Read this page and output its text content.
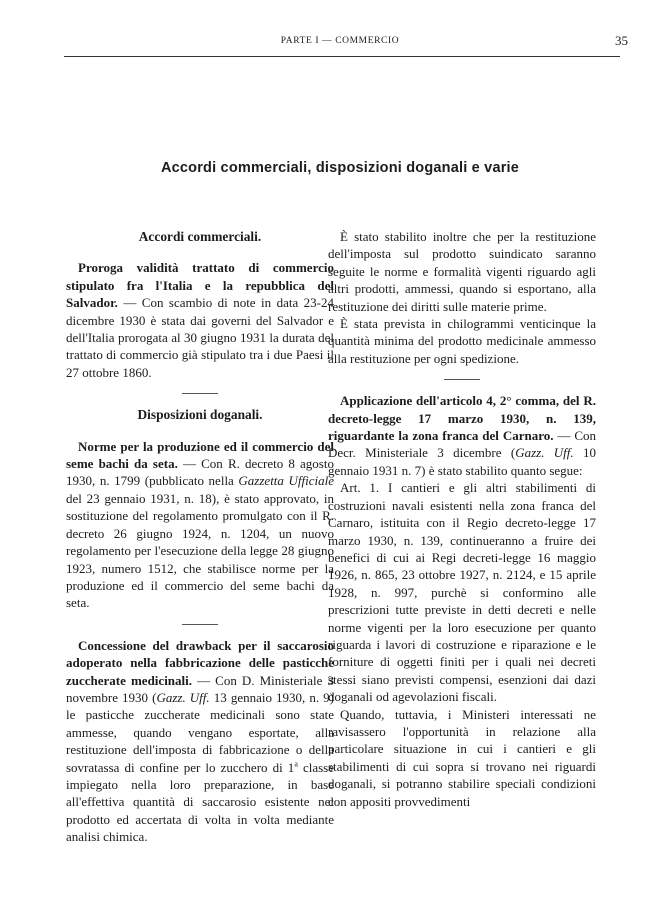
PARTE I — COMMERCIO	35
Accordi commerciali, disposizioni doganali e varie
Accordi commerciali.

Proroga validità trattato di commercio stipulato fra l'Italia e la repubblica del Salvador. — Con scambio di note in data 23-24 dicembre 1930 è stata dai governi del Salvador e dell'Italia prorogata al 30 giugno 1931 la durata del trattato di commercio già stipulato tra i due Paesi il 27 ottobre 1860.

Disposizioni doganali.

Norme per la produzione ed il commercio del seme bachi da seta. — Con R. decreto 8 agosto 1930, n. 1799 (pubblicato nella Gazzetta Ufficiale del 23 gennaio 1931, n. 18), è stato approvato, in sostituzione del regolamento promulgato con il R. decreto 26 giugno 1924, n. 1204, un nuovo regolamento per l'esecuzione della legge 28 giugno 1923, numero 1512, che stabilisce norme per la produzione ed il commercio del seme bachi da seta.

Concessione del drawback per il saccarosio adoperato nella fabbricazione delle pasticche zuccherate medicinali. — Con D. Ministeriale 3 novembre 1930 (Gazz. Uff. 13 gennaio 1930, n. 9) le pasticche zuccherate medicinali sono state ammesse, quando vengano esportate, alla restituzione dell'imposta di fabbricazione o della sovratassa di confine per lo zucchero di 1$^a$ classe impiegato nella loro preparazione, in base all'effettiva quantità di saccarosio esistente nel prodotto ed accertata di volta in volta mediante analisi chimica.

È stato stabilito inoltre che per la restituzione dell'imposta sul prodotto suindicato saranno seguite le norme e formalità vigenti riguardo agli altri prodotti, ammessi, quando si esportano, alla restituzione dei diritti sulle materie prime.

È stata prevista in chilogrammi venticinque la quantità minima del prodotto medicinale ammesso alla restituzione per ogni spedizione.

Applicazione dell'articolo 4, 2° comma, del R. decreto-legge 17 marzo 1930, n. 139, riguardante la zona franca del Carnaro. — Con Decr. Ministeriale 3 dicembre (Gazz. Uff. 10 gennaio 1931 n. 7) è stato stabilito quanto segue:

Art. 1. I cantieri e gli altri stabilimenti di costruzioni navali esistenti nella zona franca del Carnaro, istituita con il Regio decreto-legge 17 marzo 1930, n. 139, continueranno a fruire dei benefici di cui ai Regi decreti-legge 16 maggio 1926, n. 865, 23 ottobre 1927, n. 2124, e 15 aprile 1928, n. 997, purchè si conformino alle prescrizioni tutte previste in detti decreti e nelle norme vigenti per la loro esecuzione per quanto riguarda i lavori di costruzione e riparazione e le forniture di oggetti finiti per i quali nei decreti stessi siano previsti compensi, esenzioni dai dazi doganali od agevolazioni fiscali.

Quando, tuttavia, i Ministeri interessati ne ravisassero l'opportunità in relazione alla particolare situazione in cui i cantieri e gli stabilimenti di cui sopra si trovano nei riguardi doganali, si potranno stabilire speciali condizioni con appositi provvedimenti
